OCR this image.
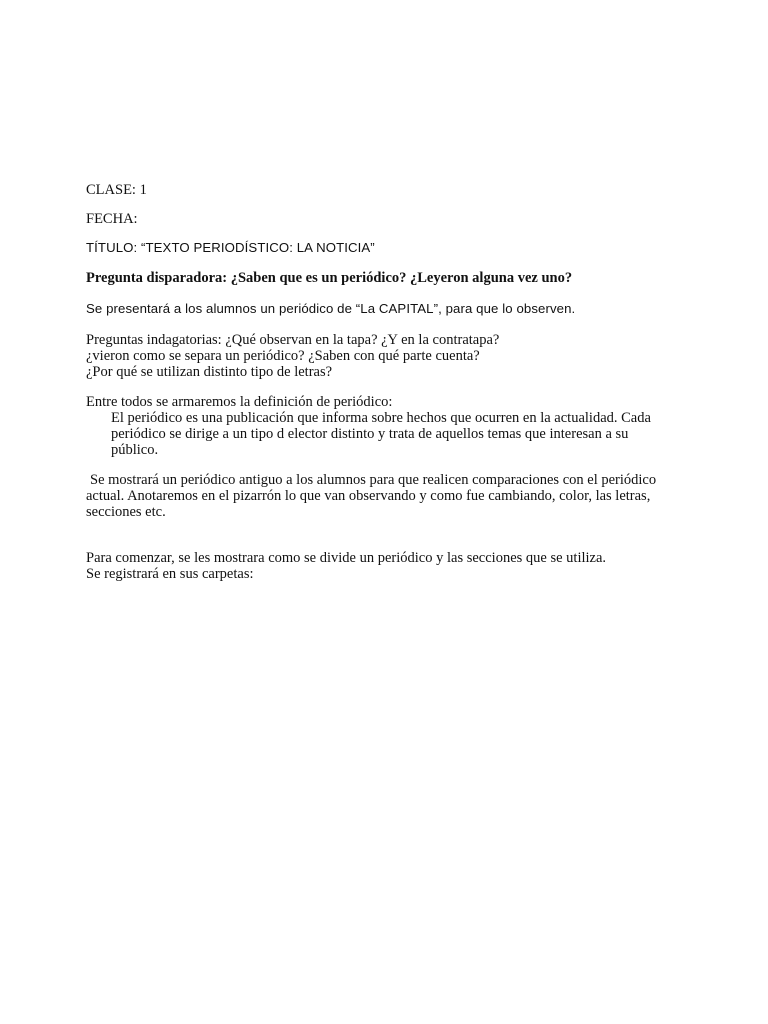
CLASE: 1

FECHA:

TÍTULO: “TEXTO PERIODÍSTICO: LA NOTICIA”

Pregunta disparadora: ¿Saben que es un periódico? ¿Leyeron alguna vez uno?

Se presentará a los alumnos un periódico de “La CAPITAL”, para que lo observen.

Preguntas indagatorias: ¿Qué observan en la tapa? ¿Y en la contratapa?
¿vieron como se separa un periódico? ¿Saben con qué parte cuenta?
¿Por qué se utilizan distinto tipo de letras?

Entre todos se armaremos la definición de periódico:
El periódico es una publicación que informa sobre hechos que ocurren en la actualidad. Cada
periódico se dirige a un tipo d elector distinto y trata de aquellos temas que interesan a su
público.

Se mostrará un periódico antiguo a los alumnos para que realicen comparaciones con el periódico
actual. Anotaremos en el pizarrón lo que van observando y como fue cambiando, color, las letras,
secciones etc.

Para comenzar, se les mostrara como se divide un periódico y las secciones que se utiliza.
Se registrará en sus carpetas:
